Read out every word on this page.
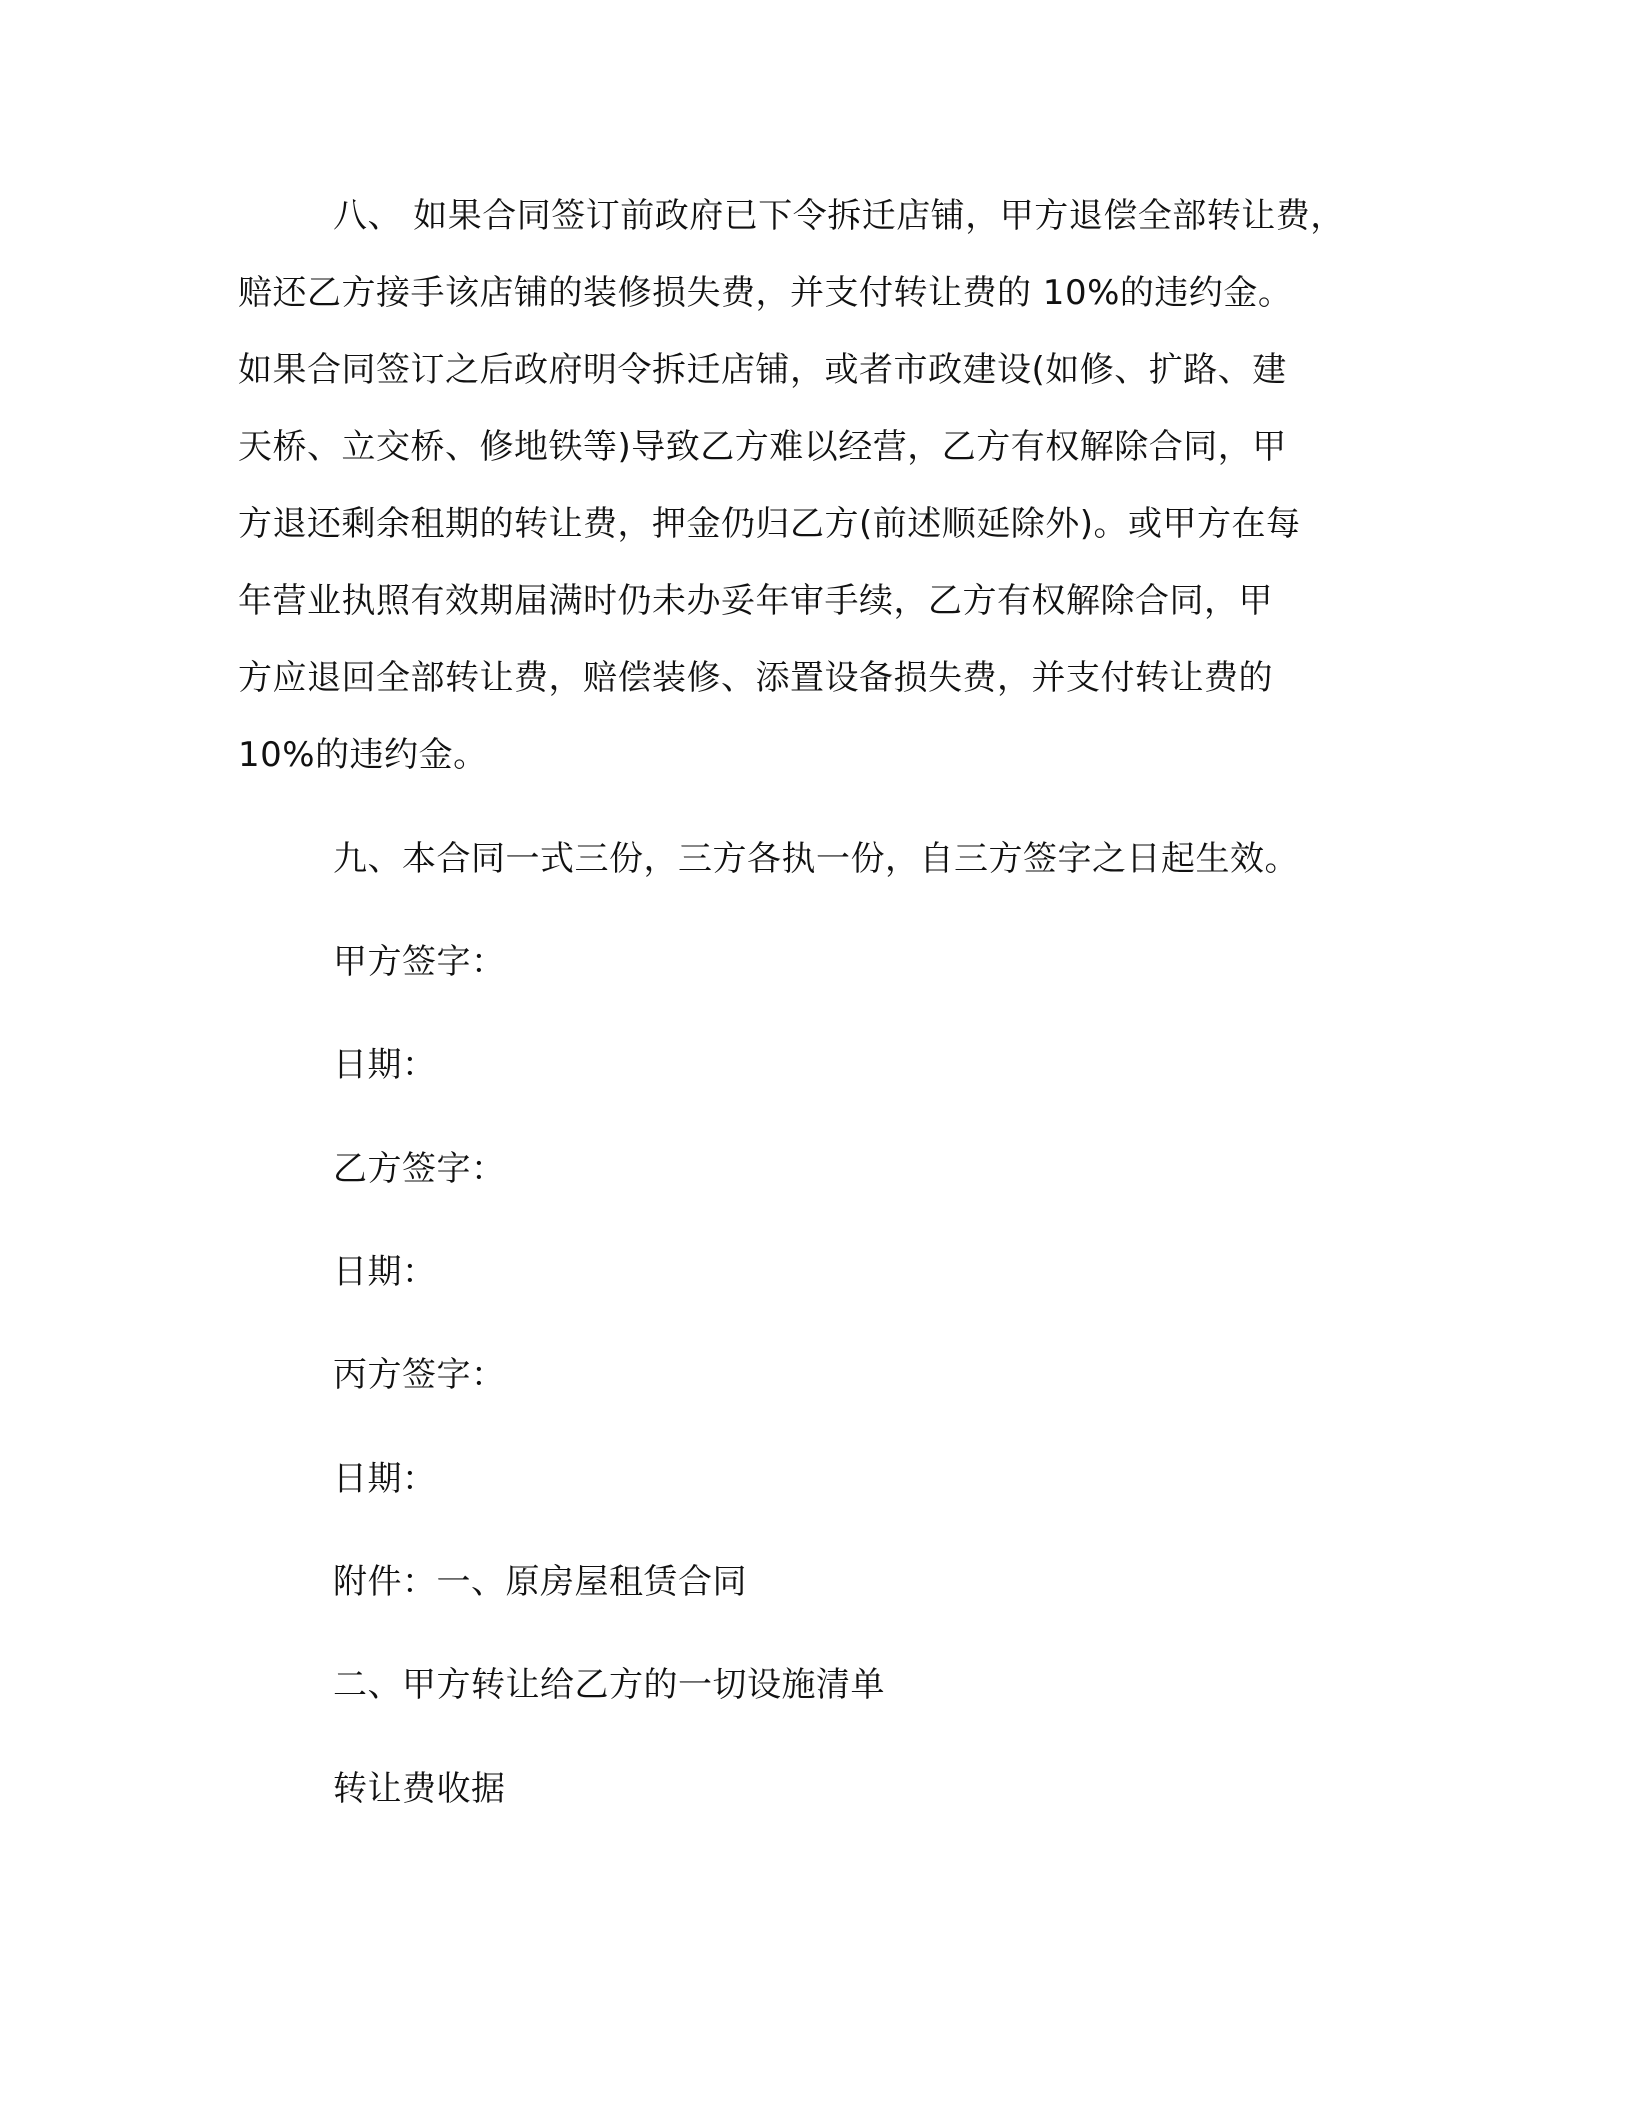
八、 如果合同签订前政府已下令拆迁店铺，甲方退偿全部转让费，
赔还乙方接手该店铺的装修损失费，并支付转让费的 10%的违约金。
如果合同签订之后政府明令拆迁店铺，或者市政建设(如修、扩路、建
天桥、立交桥、修地铁等)导致乙方难以经营，乙方有权解除合同，甲
方退还剩余租期的转让费，押金仍归乙方(前述顺延除外)。或甲方在每
年营业执照有效期届满时仍未办妥年审手续，乙方有权解除合同，甲
方应退回全部转让费，赔偿装修、添置设备损失费，并支付转让费的
10%的违约金。
九、本合同一式三份，三方各执一份，自三方签字之日起生效。
甲方签字：
日期：
乙方签字：
日期：
丙方签字：
日期：
附件：一、原房屋租赁合同
二、甲方转让给乙方的一切设施清单
转让费收据
